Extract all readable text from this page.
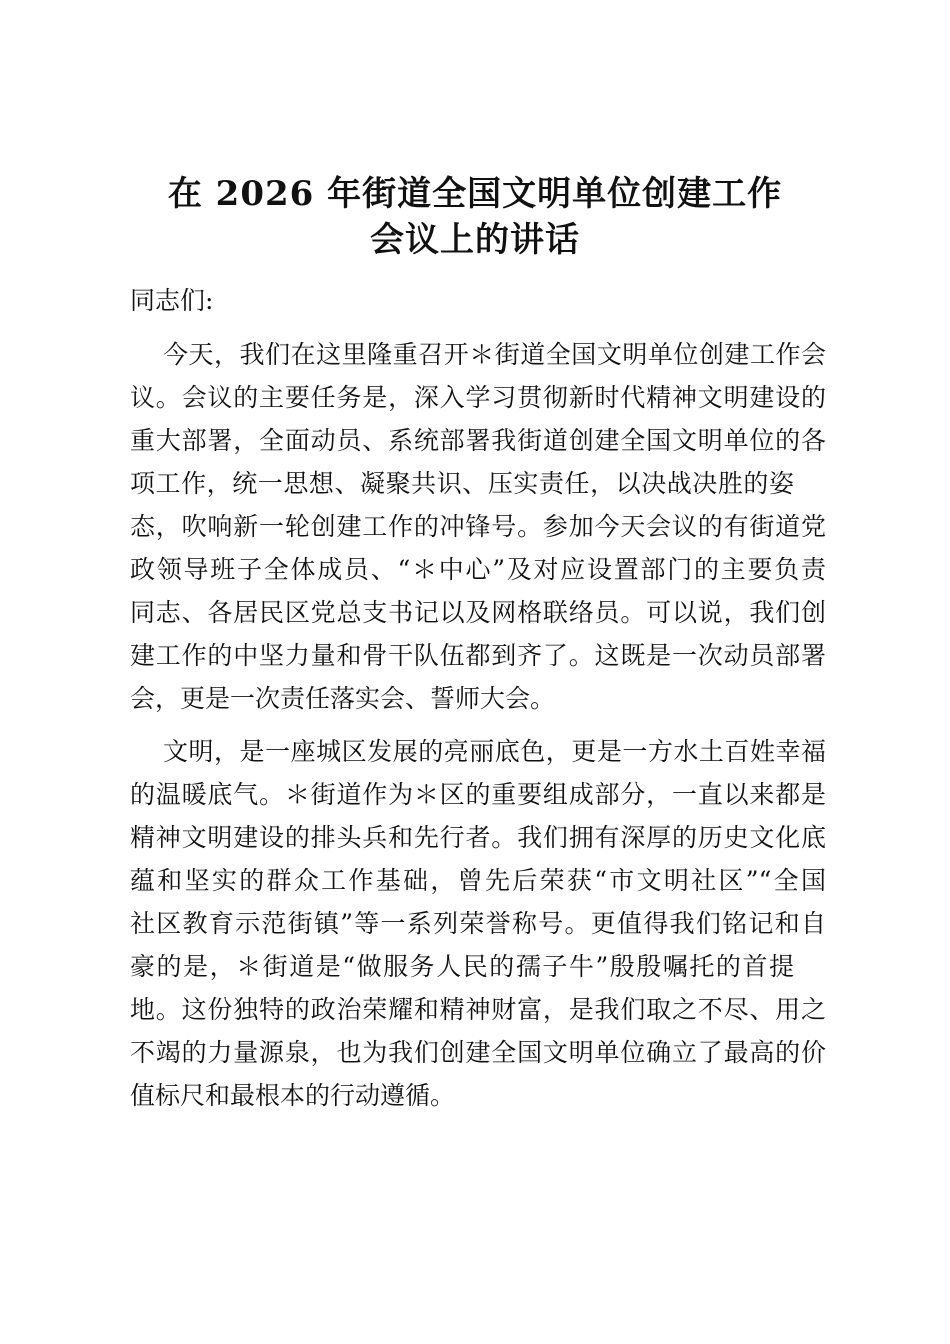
在 2026 年街道全国文明单位创建工作
会议上的讲话
同志们:
今天，我们在这里隆重召开＊街道全国文明单位创建工作会
议。会议的主要任务是，深入学习贯彻新时代精神文明建设的
重大部署，全面动员、系统部署我街道创建全国文明单位的各
项工作，统一思想、凝聚共识、压实责任，以决战决胜的姿
态，吹响新一轮创建工作的冲锋号。参加今天会议的有街道党
政领导班子全体成员、“＊中心”及对应设置部门的主要负责
同志、各居民区党总支书记以及网格联络员。可以说，我们创
建工作的中坚力量和骨干队伍都到齐了。这既是一次动员部署
会，更是一次责任落实会、誓师大会。
文明，是一座城区发展的亮丽底色，更是一方水土百姓幸福
的温暖底气。＊街道作为＊区的重要组成部分，一直以来都是
精神文明建设的排头兵和先行者。我们拥有深厚的历史文化底
蕴和坚实的群众工作基础，曾先后荣获“市文明社区”“全国
社区教育示范街镇”等一系列荣誉称号。更值得我们铭记和自
豪的是，＊街道是“做服务人民的孺子牛”殷殷嘱托的首提
地。这份独特的政治荣耀和精神财富，是我们取之不尽、用之
不竭的力量源泉，也为我们创建全国文明单位确立了最高的价
值标尺和最根本的行动遵循。
